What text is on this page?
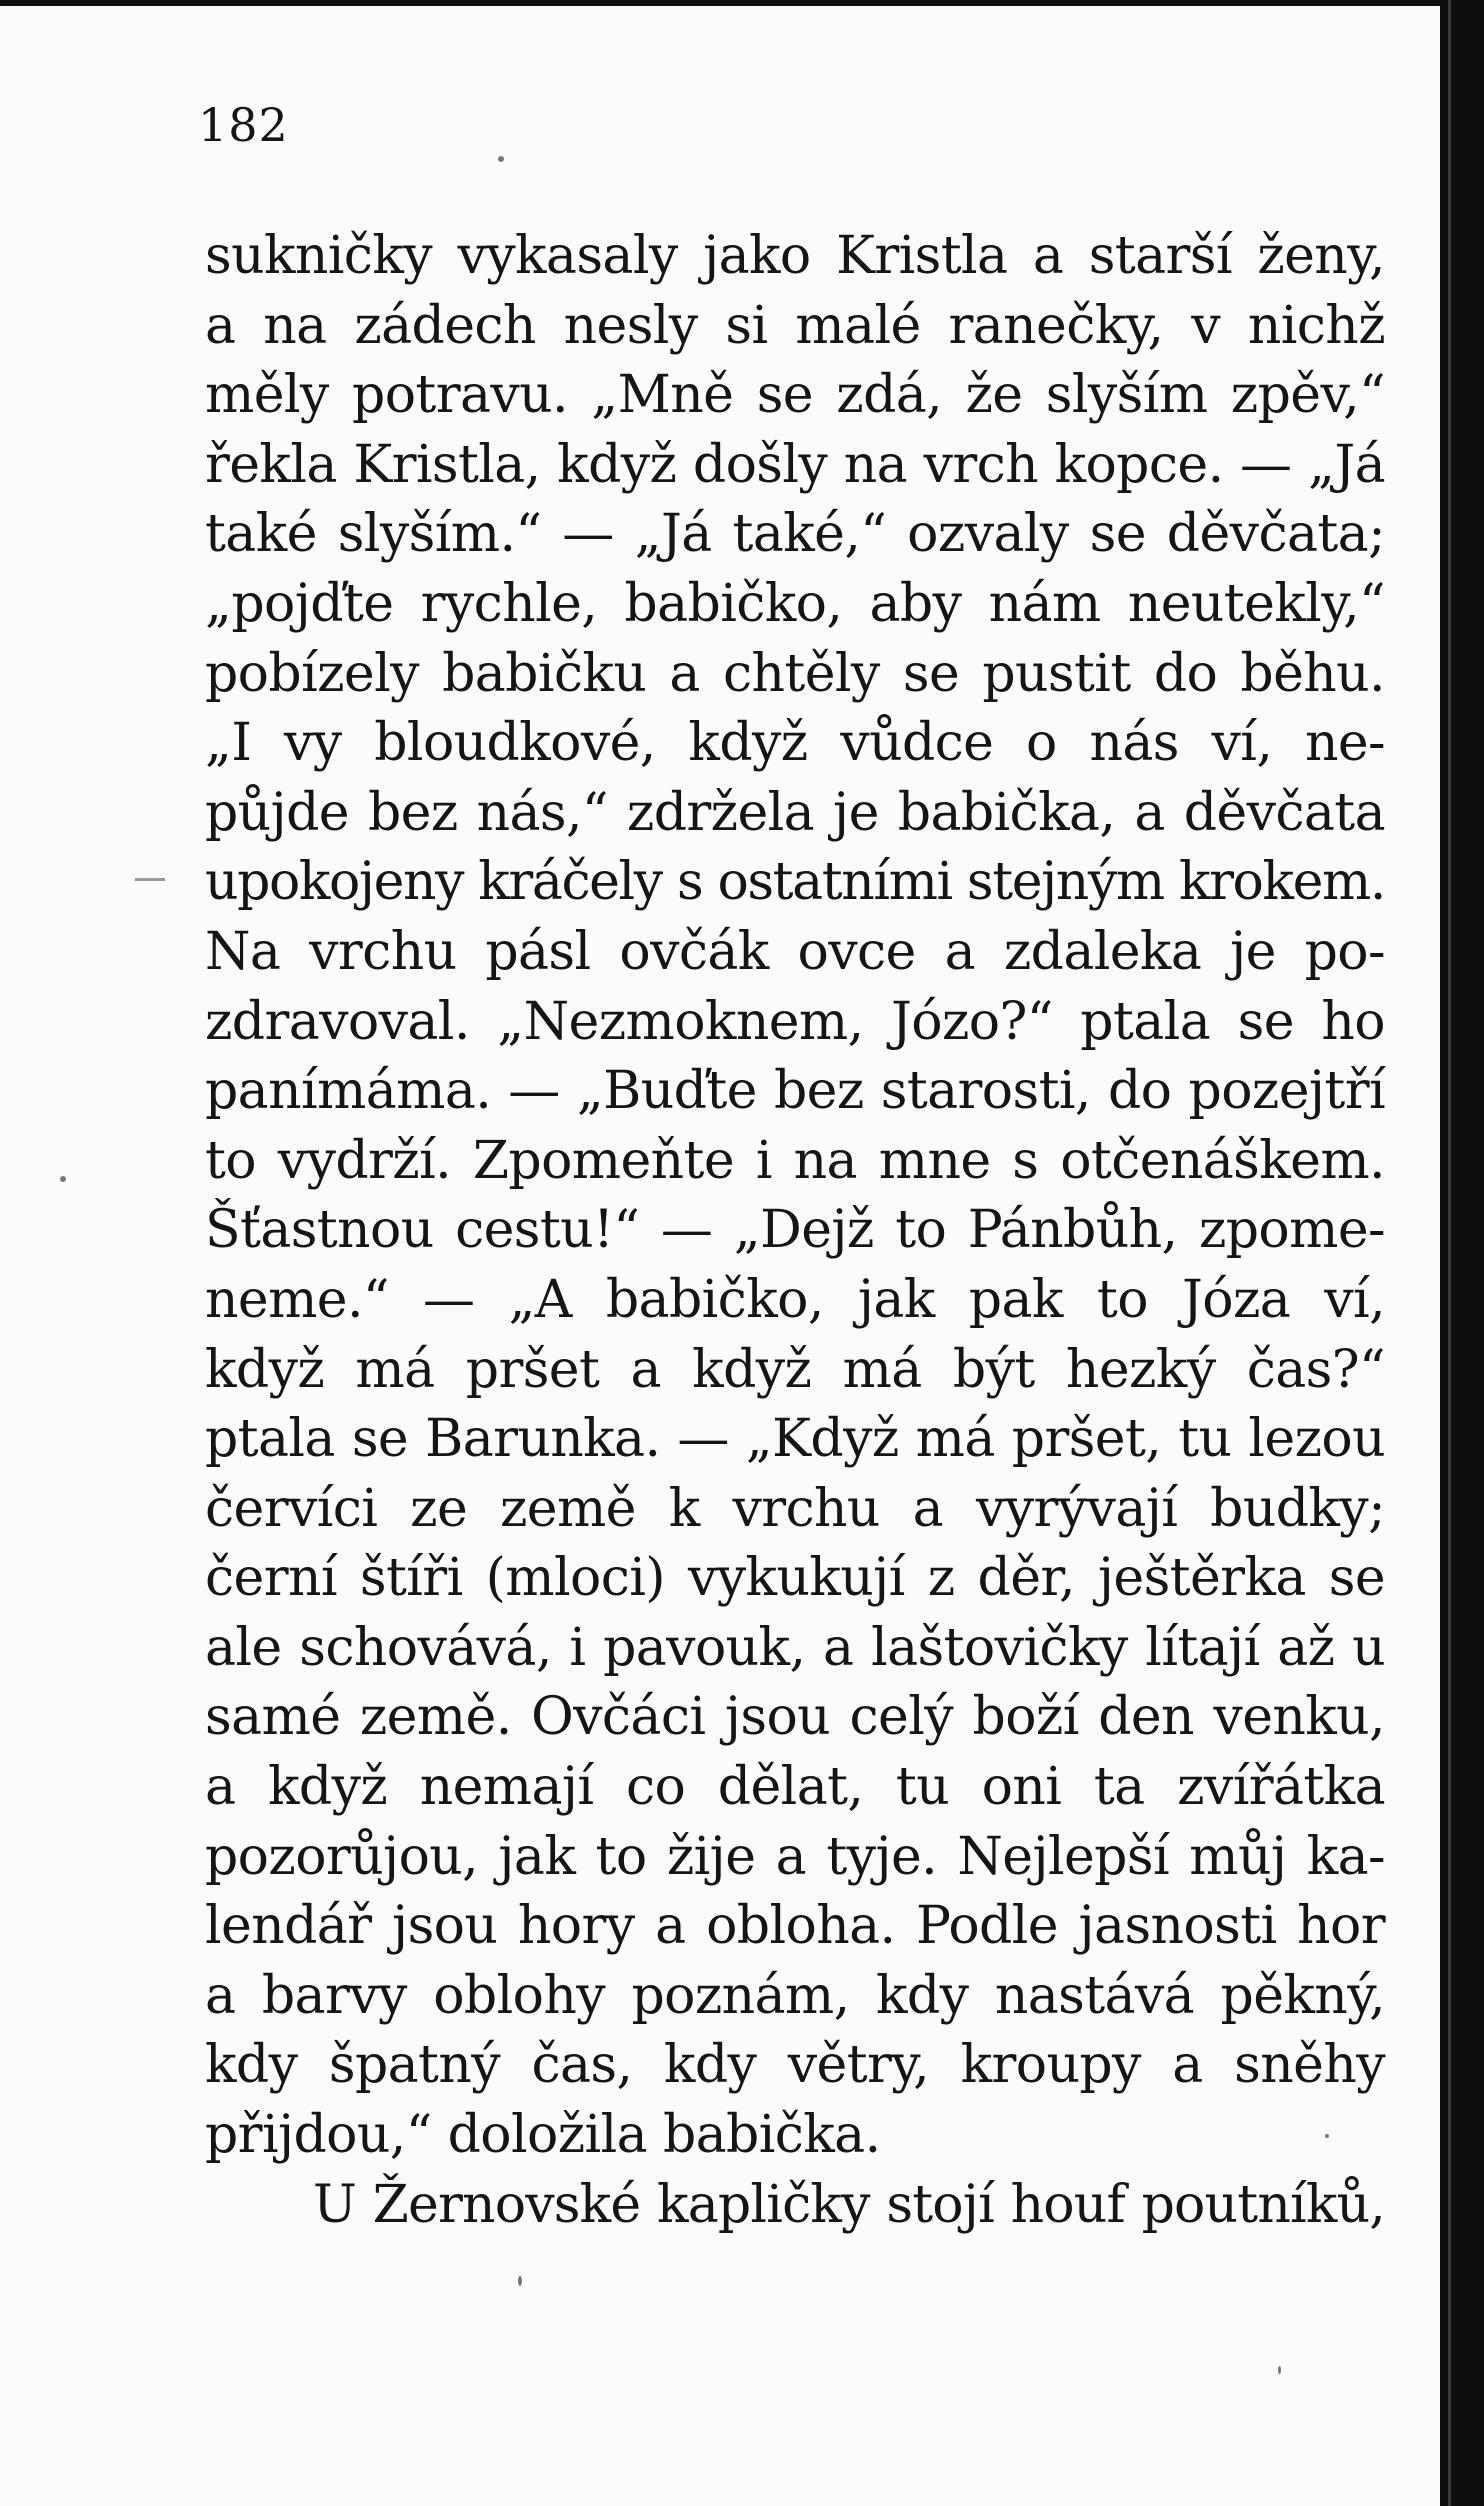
182
sukničky vykasaly jako Kristla a starší ženy,
a na zádech nesly si malé ranečky, v nichž
měly potravu. „Mně se zdá, že slyším zpěv,“
řekla Kristla, když došly na vrch kopce. — „Já
také slyším.“ — „Já také,“ ozvaly se děvčata;
„pojďte rychle, babičko, aby nám neutekly,“
pobízely babičku a chtěly se pustit do běhu.
„I vy bloudkové, když vůdce o nás ví, ne-
půjde bez nás,“ zdržela je babička, a děvčata
upokojeny kráčely s ostatními stejným krokem.
Na vrchu pásl ovčák ovce a zdaleka je po-
zdravoval. „Nezmoknem, Józo?“ ptala se ho
panímáma. — „Buďte bez starosti, do pozejtří
to vydrží. Zpomeňte i na mne s otčenáškem.
Šťastnou cestu!“ — „Dejž to Pánbůh, zpome-
neme.“ — „A babičko, jak pak to Józa ví,
když má pršet a když má být hezký čas?“
ptala se Barunka. — „Když má pršet, tu lezou
červíci ze země k vrchu a vyrývají budky;
černí štíři (mloci) vykukují z děr, ještěrka se
ale schovává, i pavouk, a laštovičky lítají až u
samé země. Ovčáci jsou celý boží den venku,
a když nemají co dělat, tu oni ta zvířátka
pozorůjou, jak to žije a tyje. Nejlepší můj ka-
lendář jsou hory a obloha. Podle jasnosti hor
a barvy oblohy poznám, kdy nastává pěkný,
kdy špatný čas, kdy větry, kroupy a sněhy
přijdou,“ doložila babička.
U Žernovské kapličky stojí houf poutníků,
